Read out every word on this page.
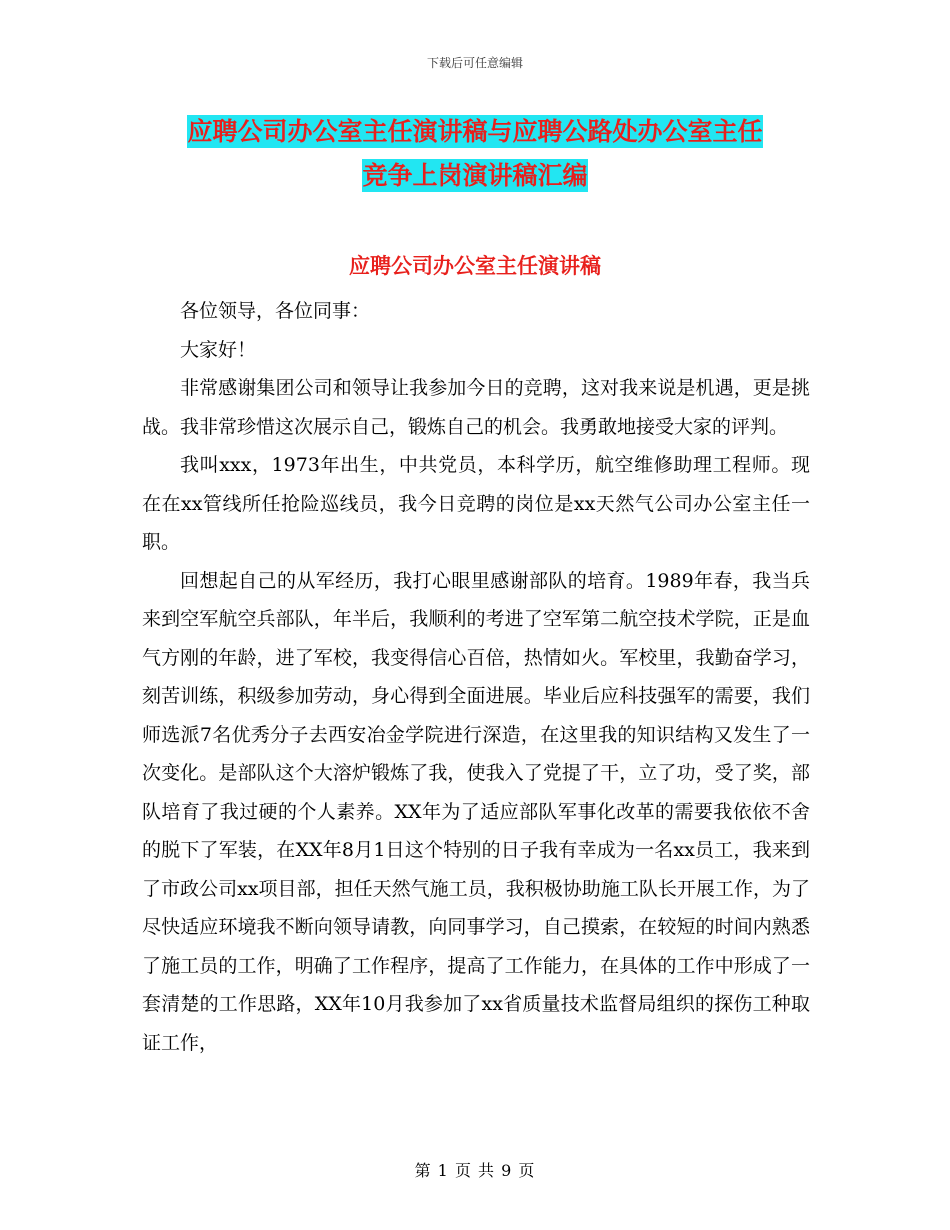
下载后可任意编辑
应聘公司办公室主任演讲稿与应聘公路处办公室主任
竞争上岗演讲稿汇编
应聘公司办公室主任演讲稿

各位领导，各位同事：

大家好！

非常感谢集团公司和领导让我参加今日的竞聘，这对我来说是机遇，更是挑战。我非常珍惜这次展示自己，锻炼自己的机会。我勇敢地接受大家的评判。

我叫xxx，1973年出生，中共党员，本科学历，航空维修助理工程师。现在在xx管线所任抢险巡线员，我今日竞聘的岗位是xx天然气公司办公室主任一职。

回想起自己的从军经历，我打心眼里感谢部队的培育。1989年春，我当兵来到空军航空兵部队，年半后，我顺利的考进了空军第二航空技术学院，正是血气方刚的年龄，进了军校，我变得信心百倍，热情如火。军校里，我勤奋学习，刻苦训练，积级参加劳动，身心得到全面进展。毕业后应科技强军的需要，我们师选派7名优秀分子去西安冶金学院进行深造，在这里我的知识结构又发生了一次变化。是部队这个大溶炉锻炼了我，使我入了党提了干，立了功，受了奖，部队培育了我过硬的个人素养。XX年为了适应部队军事化改革的需要我依依不舍的脱下了军装，在XX年8月1日这个特别的日子我有幸成为一名xx员工，我来到了市政公司xx项目部，担任天然气施工员，我积极协助施工队长开展工作，为了尽快适应环境我不断向领导请教，向同事学习，自己摸索，在较短的时间内熟悉了施工员的工作，明确了工作程序，提高了工作能力，在具体的工作中形成了一套清楚的工作思路，XX年10月我参加了xx省质量技术监督局组织的探伤工种取证工作，

第 1 页 共 9 页
